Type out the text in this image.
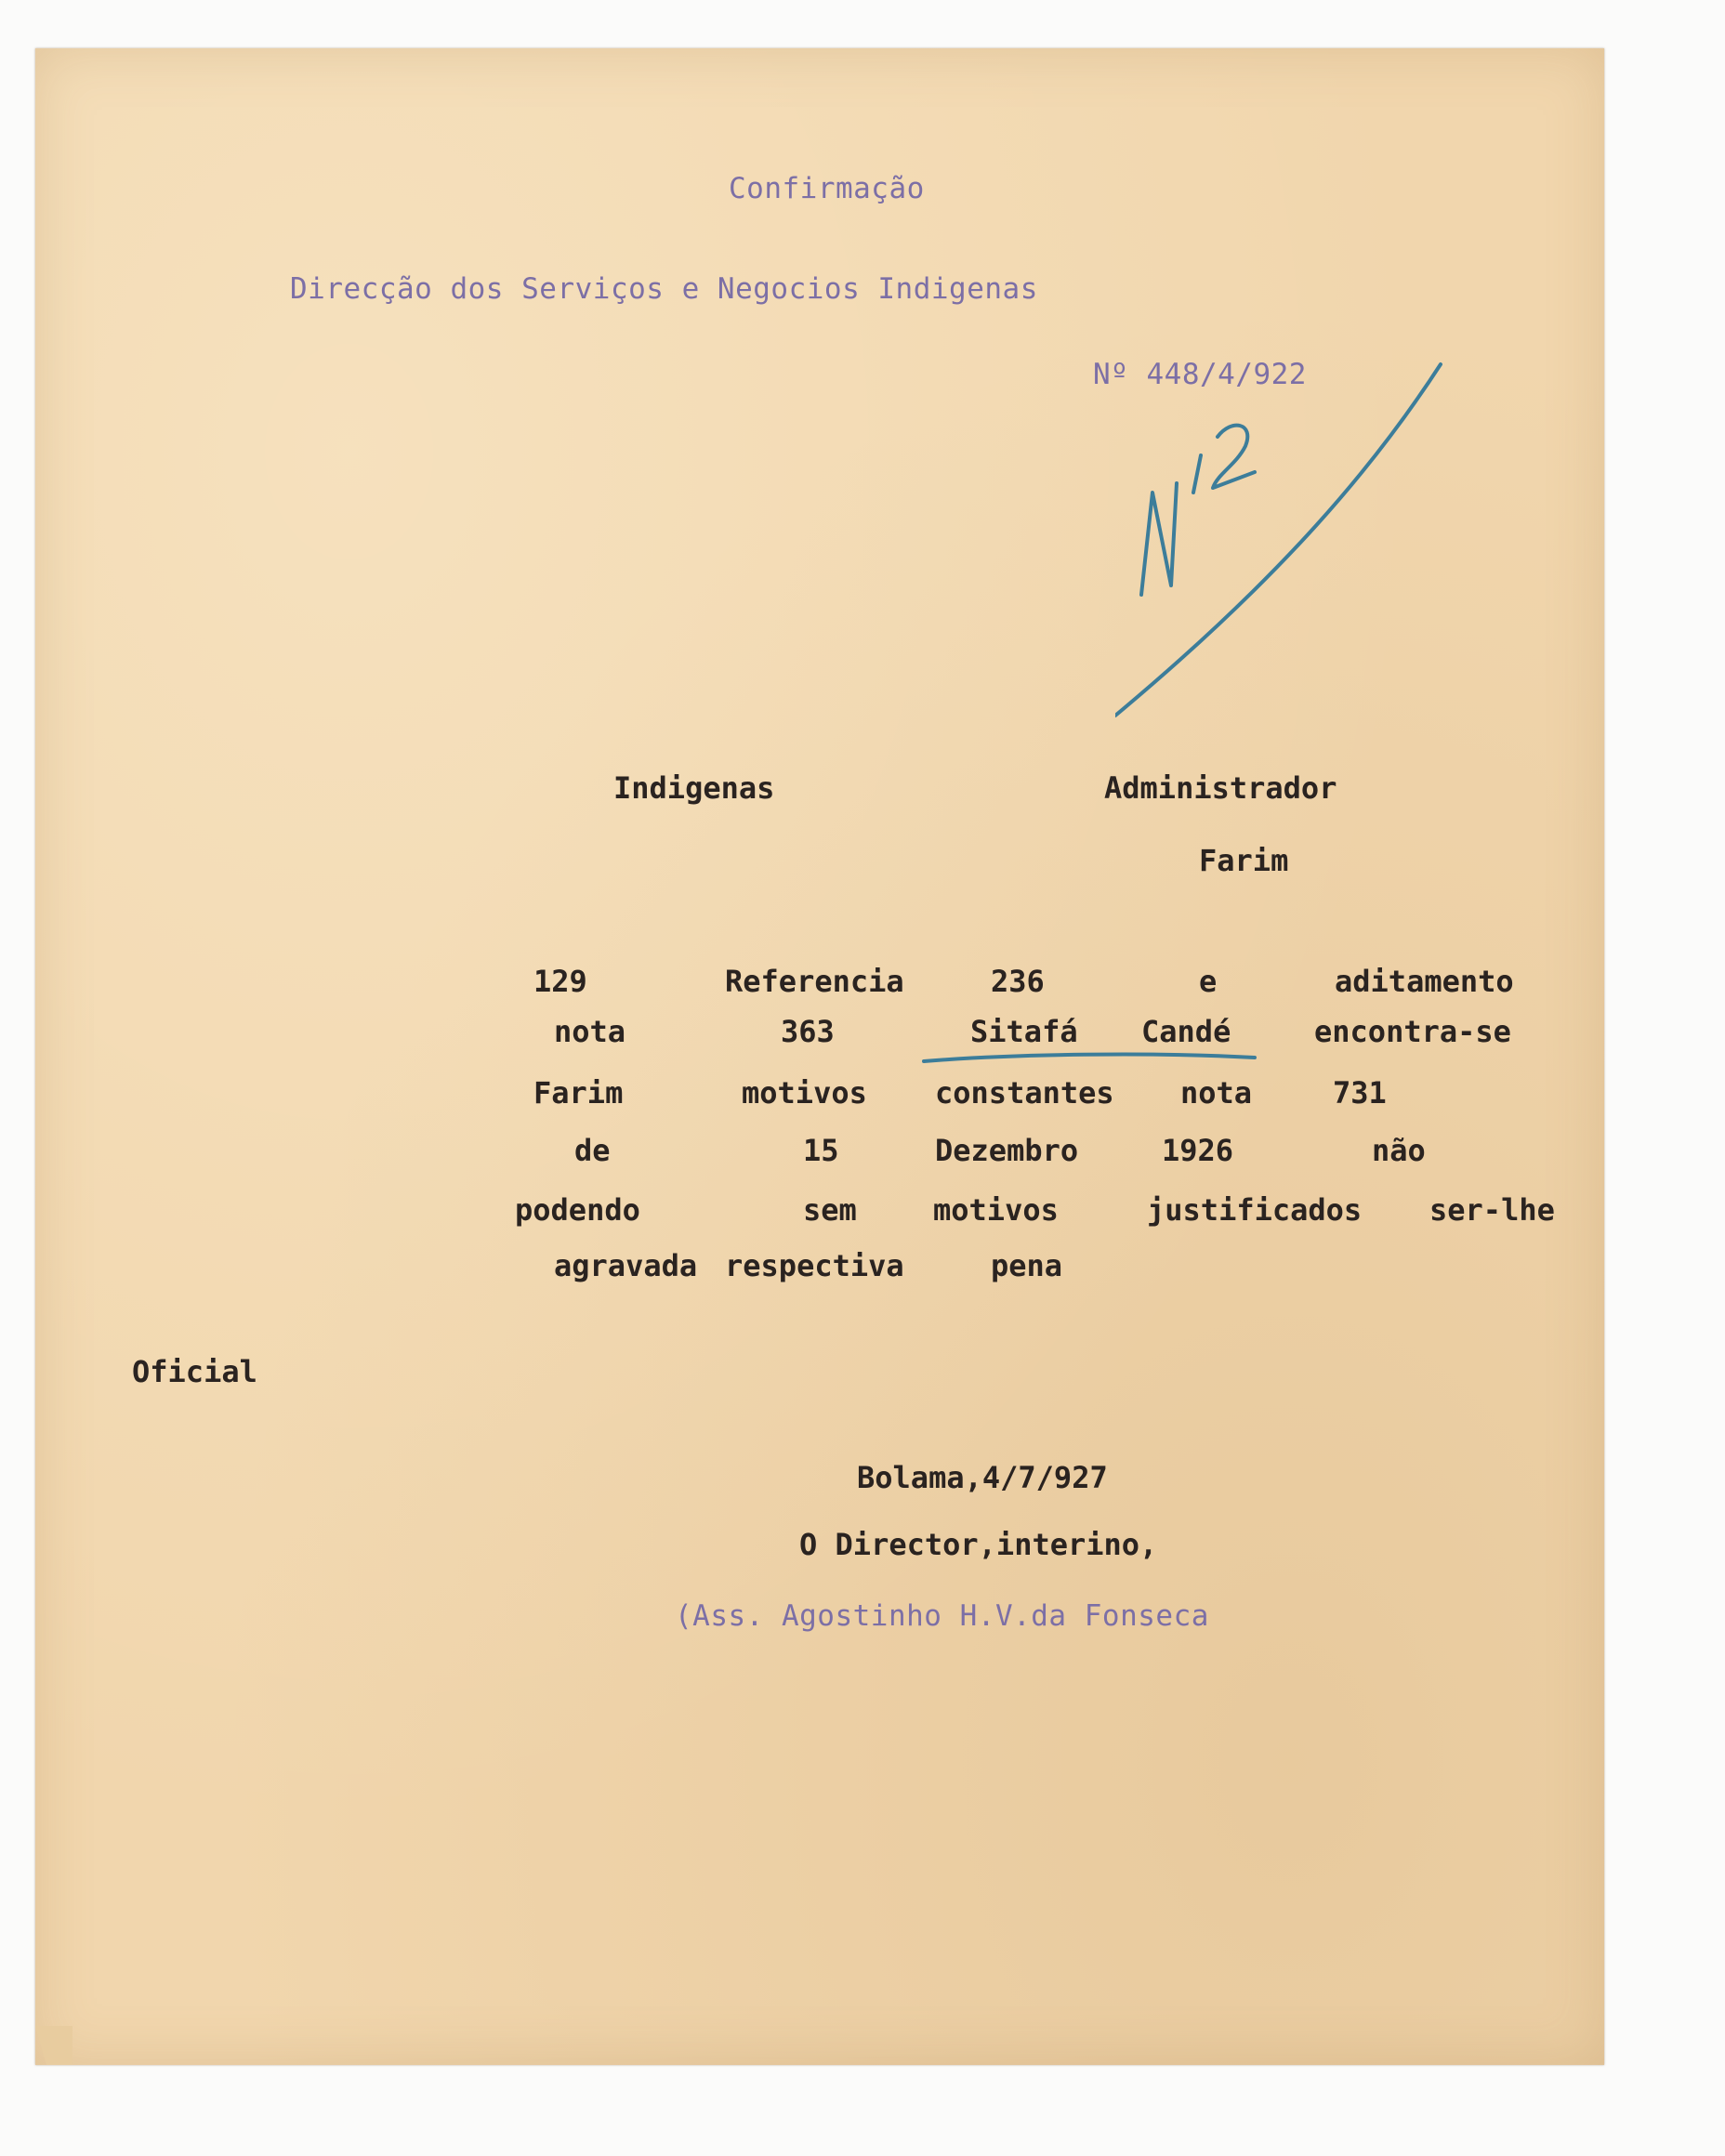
Confirmação
Direcção dos Serviços e Negocios Indigenas
Nº 448/4/922
Indigenas	Administrador
Farim
129	Referencia	236	e	aditamento
nota	363	Sitafá Candé	encontra-se
Farim	motivos constantes nota	731
de	15	Dezembro	1926	não
podendo	sem	motivos	justificados ser-lhe
agravada respectiva	pena
Oficial
Bolama,4/7/927
O Director,interino,
(Ass. Agostinho H.V.da Fonseca
